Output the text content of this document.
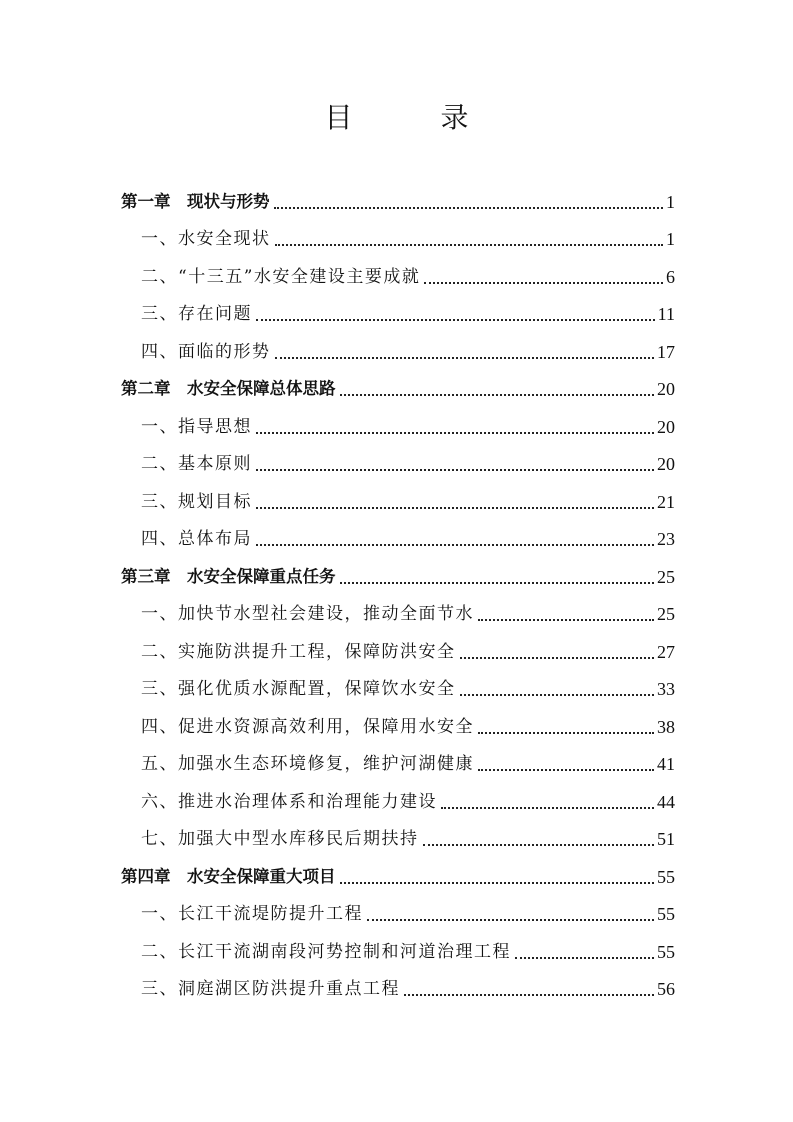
目　录
第一章　现状与形势	1
一、水安全现状	1
二、“十三五”水安全建设主要成就	6
三、存在问题	11
四、面临的形势	17
第二章　水安全保障总体思路	20
一、指导思想	20
二、基本原则	20
三、规划目标	21
四、总体布局	23
第三章　水安全保障重点任务	25
一、加快节水型社会建设，推动全面节水	25
二、实施防洪提升工程，保障防洪安全	27
三、强化优质水源配置，保障饮水安全	33
四、促进水资源高效利用，保障用水安全	38
五、加强水生态环境修复，维护河湖健康	41
六、推进水治理体系和治理能力建设	44
七、加强大中型水库移民后期扶持	51
第四章　水安全保障重大项目	55
一、长江干流堤防提升工程	55
二、长江干流湖南段河势控制和河道治理工程	55
三、洞庭湖区防洪提升重点工程	56
